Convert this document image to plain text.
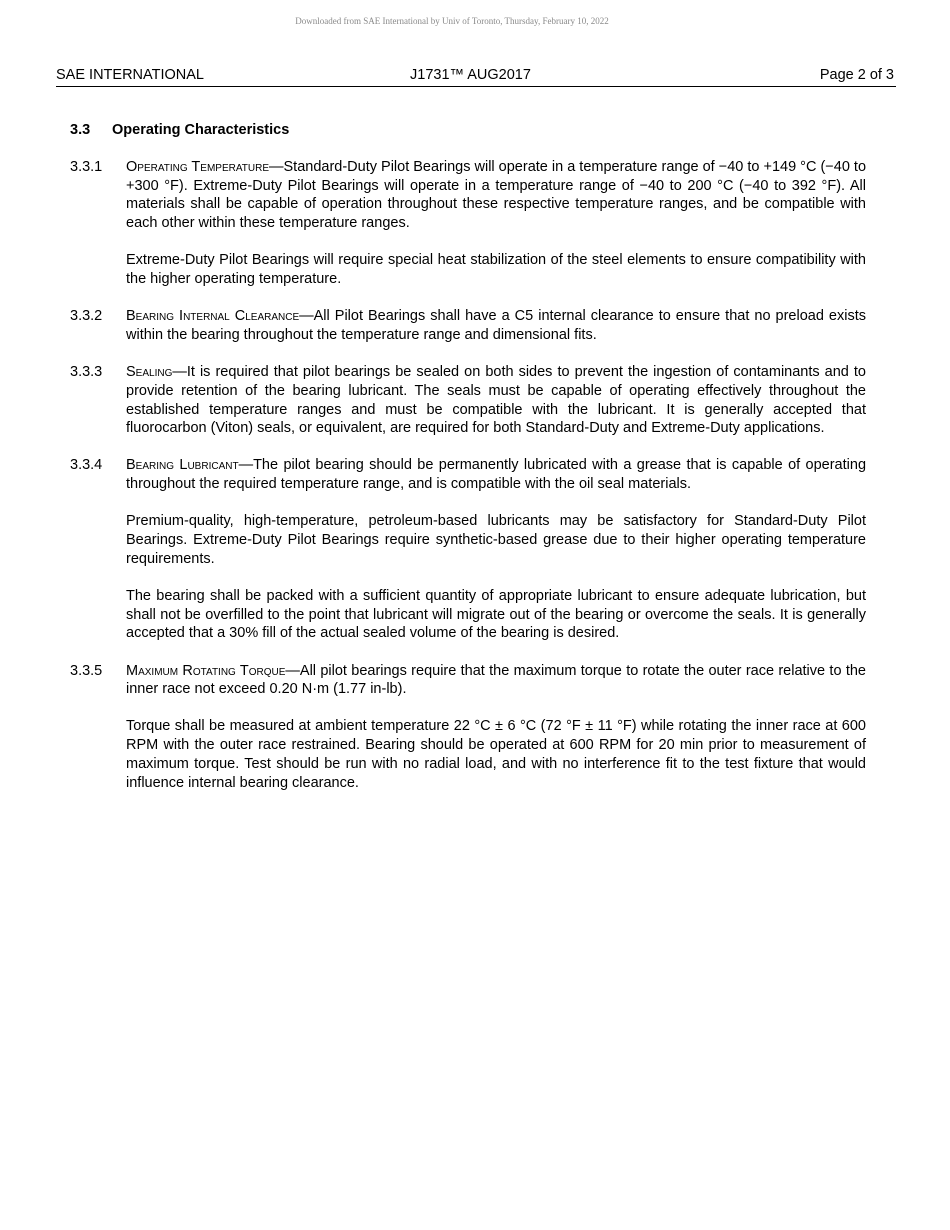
Downloaded from SAE International by Univ of Toronto, Thursday, February 10, 2022
SAE INTERNATIONAL	J1731™ AUG2017	Page 2 of 3
3.3 Operating Characteristics
3.3.1 Operating Temperature—Standard-Duty Pilot Bearings will operate in a temperature range of −40 to +149 °C (−40 to +300 °F). Extreme-Duty Pilot Bearings will operate in a temperature range of −40 to 200 °C (−40 to 392 °F). All materials shall be capable of operation throughout these respective temperature ranges, and be compatible with each other within these temperature ranges.

Extreme-Duty Pilot Bearings will require special heat stabilization of the steel elements to ensure compatibility with the higher operating temperature.

3.3.2 Bearing Internal Clearance—All Pilot Bearings shall have a C5 internal clearance to ensure that no preload exists within the bearing throughout the temperature range and dimensional fits.

3.3.3 Sealing—It is required that pilot bearings be sealed on both sides to prevent the ingestion of contaminants and to provide retention of the bearing lubricant. The seals must be capable of operating effectively throughout the established temperature ranges and must be compatible with the lubricant. It is generally accepted that fluorocarbon (Viton) seals, or equivalent, are required for both Standard-Duty and Extreme-Duty applications.

3.3.4 Bearing Lubricant—The pilot bearing should be permanently lubricated with a grease that is capable of operating throughout the required temperature range, and is compatible with the oil seal materials.

Premium-quality, high-temperature, petroleum-based lubricants may be satisfactory for Standard-Duty Pilot Bearings. Extreme-Duty Pilot Bearings require synthetic-based grease due to their higher operating temperature requirements.

The bearing shall be packed with a sufficient quantity of appropriate lubricant to ensure adequate lubrication, but shall not be overfilled to the point that lubricant will migrate out of the bearing or overcome the seals. It is generally accepted that a 30% fill of the actual sealed volume of the bearing is desired.

3.3.5 Maximum Rotating Torque—All pilot bearings require that the maximum torque to rotate the outer race relative to the inner race not exceed 0.20 N·m (1.77 in-lb).

Torque shall be measured at ambient temperature 22 °C ± 6 °C (72 °F ± 11 °F) while rotating the inner race at 600 RPM with the outer race restrained. Bearing should be operated at 600 RPM for 20 min prior to measurement of maximum torque. Test should be run with no radial load, and with no interference fit to the test fixture that would influence internal bearing clearance.
